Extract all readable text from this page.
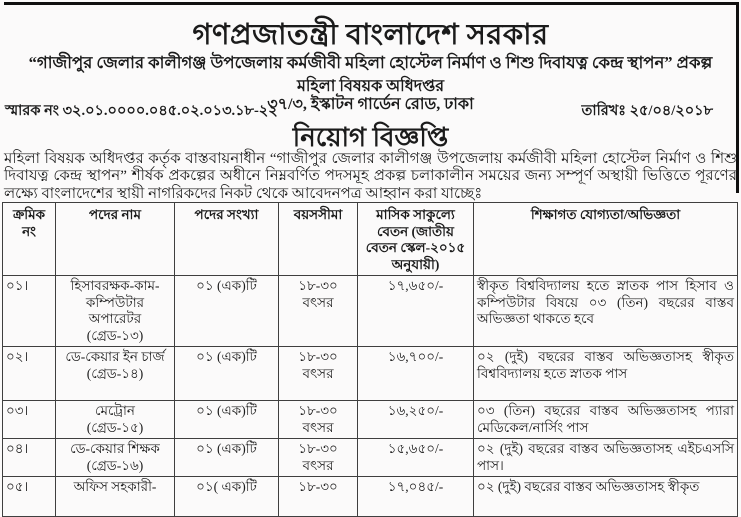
গণপ্রজাতন্ত্রী বাংলাদেশ সরকার
“গাজীপুর জেলার কালীগঞ্জ উপজেলায় কর্মজীবী মহিলা হোস্টেল নির্মাণ ও শিশু দিবাযত্ন কেন্দ্র স্থাপন” প্রকল্প
মহিলা বিষয়ক অধিদপ্তর
৩৭/৩, ইস্কাটন গার্ডেন রোড, ঢাকা
স্মারক নং ৩২.০১.০০০০.০৪৫.০২.০১৩.১৮-২২	তারিখঃ ২৫/০৪/২০১৮
নিয়োগ বিজ্ঞপ্তি
মহিলা বিষয়ক অধিদপ্তর কর্তৃক বাস্তবায়নাধীন “গাজীপুর জেলার কালীগঞ্জ উপজেলায় কর্মজীবী মহিলা হোস্টেল নির্মাণ ও শিশু দিবাযত্ন কেন্দ্র স্থাপন” শীর্ষক প্রকল্পের অধীনে নিম্নবর্ণিত পদসমূহ প্রকল্প চলাকালীন সময়ের জন্য সম্পূর্ণ অস্থায়ী ভিত্তিতে পূরণের লক্ষ্যে বাংলাদেশের স্থায়ী নাগরিকদের নিকট থেকে আবেদনপত্র আহ্বান করা যাচ্ছেঃ
ক্রমিক নং	পদের নাম	পদের সংখ্যা	বয়সসীমা	মাসিক সাকুল্যে বেতন (জাতীয় বেতন স্কেল-২০১৫ অনুযায়ী)	শিক্ষাগত যোগ্যতা/অভিজ্ঞতা
০১।	হিসাবরক্ষক-কাম-কম্পিউটার অপারেটর
(গ্রেড-১৩)	০১ (এক)টি	১৮-৩০ বৎসর	১৭,৬৫০/-	স্বীকৃত বিশ্ববিদ্যালয় হতে স্নাতক পাস হিসাব ও কম্পিউটার বিষয়ে ০৩ (তিন) বছরের বাস্তব অভিজ্ঞতা থাকতে হবে
০২।	ডে-কেয়ার ইন চার্জ
(গ্রেড-১৪)	০১ (এক)টি	১৮-৩০ বৎসর	১৬,৭০০/-	০২ (দুই) বছরের বাস্তব অভিজ্ঞতাসহ স্বীকৃত বিশ্ববিদ্যালয় হতে স্নাতক পাস
০৩।	মেট্রোন
(গ্রেড-১৫)	০১ (এক)টি	১৮-৩০ বৎসর	১৬,২৫০/-	০৩ (তিন) বছরের বাস্তব অভিজ্ঞতাসহ প্যারা মেডিকেল/নার্সিং পাস
০৪।	ডে-কেয়ার শিক্ষক
(গ্রেড-১৬)	০১ (এক)টি	১৮-৩০ বৎসর	১৫,৬৫০/-	০২ (দুই) বছরের বাস্তব অভিজ্ঞতাসহ এইচএসসি পাস।
০৫।	অফিস সহকারী-	০১( এক)টি	১৮-৩০	১৭,০৪৫/-	০২ (দুই) বছরের বাস্তব অভিজ্ঞতাসহ স্বীকৃত
